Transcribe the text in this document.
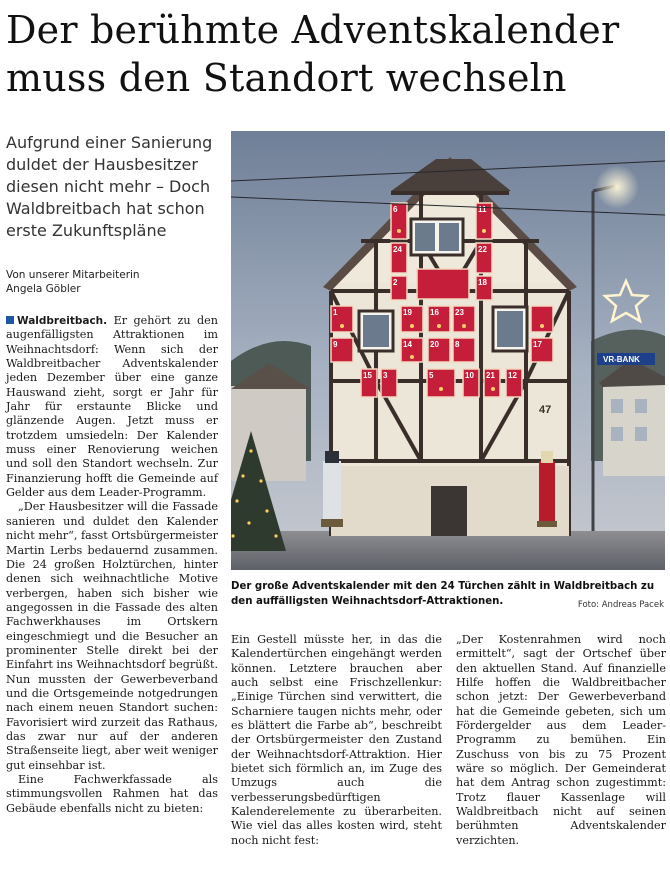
Der berühmte Adventskalender
muss den Standort wechseln
Aufgrund einer Sanierung duldet der Hausbesitzer diesen nicht mehr – Doch Waldbreitbach hat schon erste Zukunftspläne
Von unserer Mitarbeiterin
Angela Göbler

Waldbreitbach. Er gehört zu den augenfälligsten Attraktionen im Weihnachtsdorf: Wenn sich der Waldbreitbacher Adventskalender jeden Dezember über eine ganze Hauswand zieht, sorgt er Jahr für Jahr für erstaunte Blicke und glänzende Augen. Jetzt muss er trotzdem umsiedeln: Der Kalender muss einer Renovierung weichen und soll den Standort wechseln. Zur Finanzierung hofft die Gemeinde auf Gelder aus dem Leader-Programm.

„Der Hausbesitzer will die Fassade sanieren und duldet den Kalender nicht mehr“, fasst Ortsbürgermeister Martin Lerbs bedauernd zusammen. Die 24 großen Holztürchen, hinter denen sich weihnachtliche Motive verbergen, haben sich bisher wie angegossen in die Fassade des alten Fachwerkhauses im Ortskern eingeschmiegt und die Besucher an prominenter Stelle direkt bei der Einfahrt ins Weihnachtsdorf begrüßt. Nun mussten der Gewerbeverband und die Ortsgemeinde notgedrungen nach einem neuen Standort suchen: Favorisiert wird zurzeit das Rathaus, das zwar nur auf der anderen Straßenseite liegt, aber weit weniger gut einsehbar ist.

Eine Fachwerkfassade als stimmungsvollen Rahmen hat das Gebäude ebenfalls nicht zu bieten:

Ein Gestell müsste her, in das die Kalendertürchen eingehängt werden können. Letztere brauchen aber auch selbst eine Frischzellenkur: „Einige Türchen sind verwittert, die Scharniere taugen nichts mehr, oder es blättert die Farbe ab“, beschreibt der Ortsbürgermeister den Zustand der Weihnachtsdorf-Attraktion. Hier bietet sich förmlich an, im Zuge des Umzugs auch die verbesserungsbedürftigen Kalenderelemente zu überarbeiten. Wie viel das alles kosten wird, steht noch nicht fest:

„Der Kostenrahmen wird noch ermittelt“, sagt der Ortschef über den aktuellen Stand. Auf finanzielle Hilfe hoffen die Waldbreitbacher schon jetzt: Der Gewerbeverband hat die Gemeinde gebeten, sich um Fördergelder aus dem Leader-Programm zu bemühen. Ein Zuschuss von bis zu 75 Prozent wäre so möglich. Der Gemeinderat hat dem Antrag schon zugestimmt: Trotz flauer Kassenlage will Waldbreitbach nicht auf seinen berühmten Adventskalender verzichten.

VR-BANK
6	11
24	22
2	18
1	19 16 23
9	14 20 8	17
15 3	5	10 21 12
47
Der große Adventskalender mit den 24 Türchen zählt in Waldbreitbach zu den auffälligsten Weihnachtsdorf-Attraktionen.	Foto: Andreas Pacek
